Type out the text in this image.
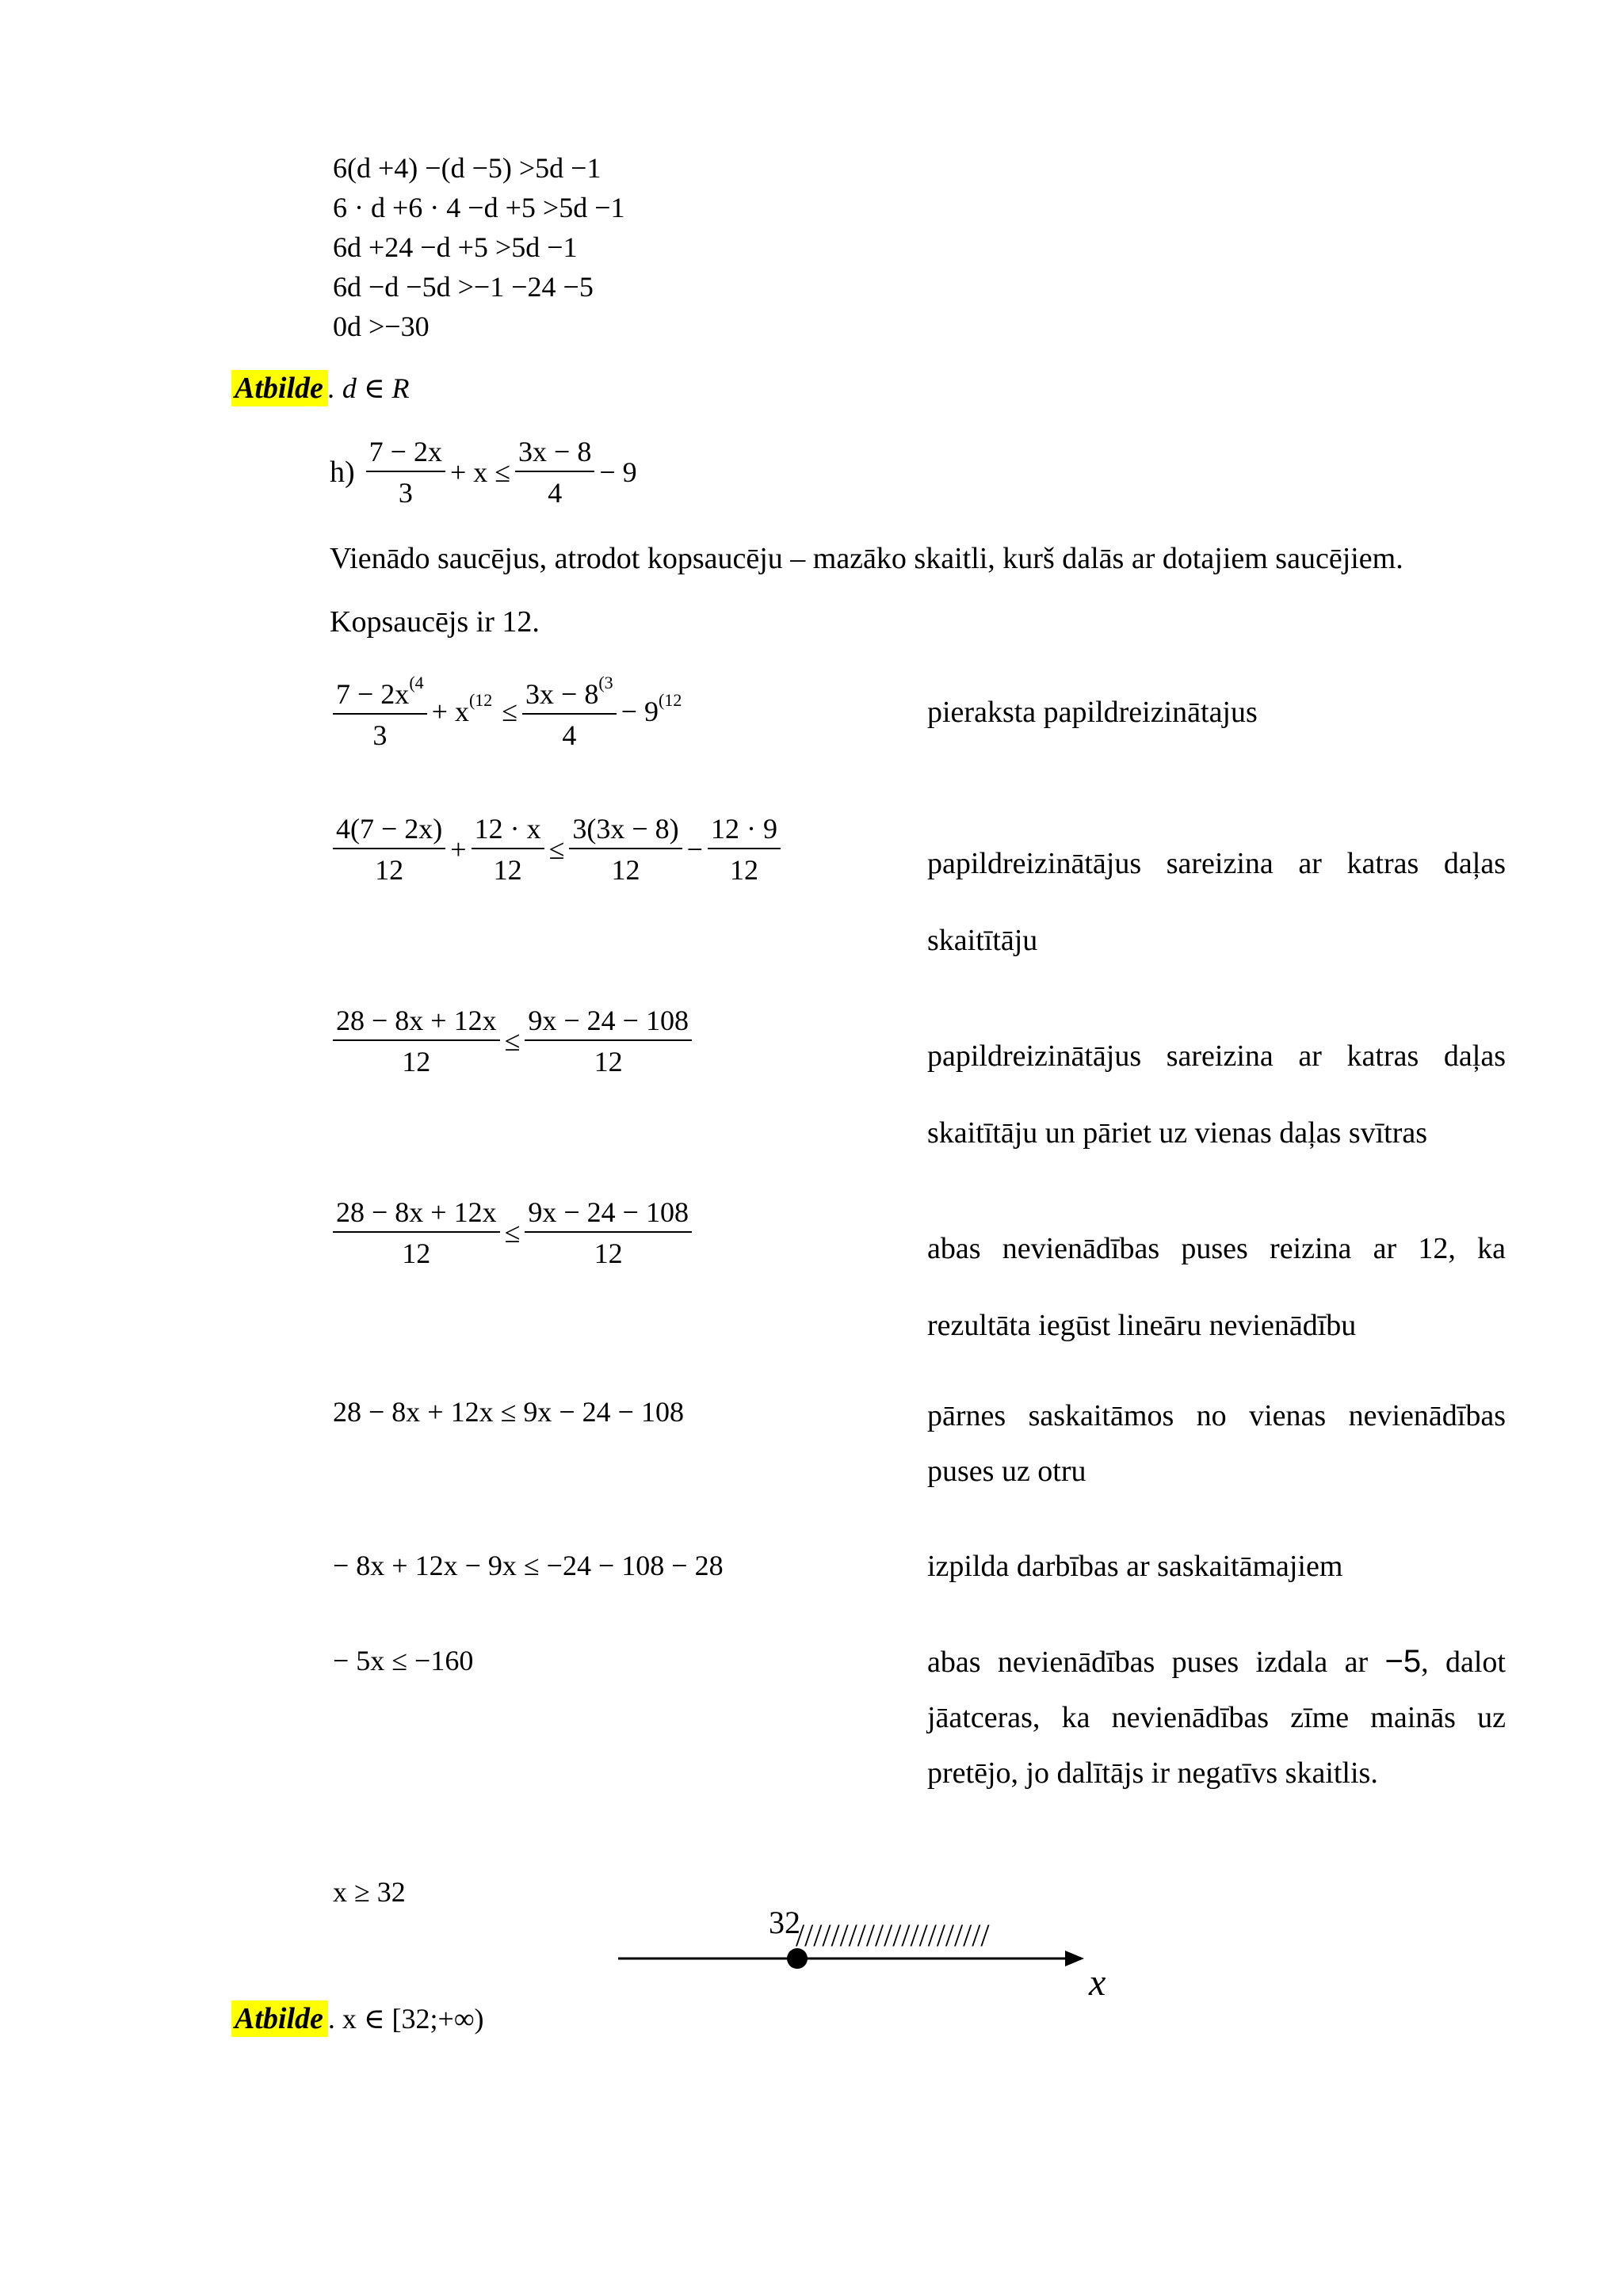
6(d +4) −(d −5) >5d −1
6 · d +6 · 4 −d +5 >5d −1
6d +24 −d +5 >5d −1
6d −d −5d >−1 −24 −5
0d >−30
Atbilde . d ∈ R
$h) \frac{7 - 2x}{3} + x \le \frac{3x - 8}{4} - 9$
Vienādo saucējus, atrodot kopsaucēju – mazāko skaitli, kurš dalās ar dotajiem saucējiem.
Kopsaucējs ir 12.
$\frac{7 - 2x^{(4}}{3} + x^{(12} \le \frac{3x - 8^{(3}}{4} - 9^{(12}$	pieraksta papildreizinātajus
$\frac{4(7 - 2x)}{12} + \frac{12 \cdot x}{12} \le \frac{3(3x - 8)}{12} - \frac{12 \cdot 9}{12}$	papildreizinātājus sareizina ar katras daļas skaitītāju
$\frac{28 - 8x + 12x}{12} \le \frac{9x - 24 - 108}{12}$	papildreizinātājus sareizina ar katras daļas skaitītāju un pāriet uz vienas daļas svītras
$\frac{28 - 8x + 12x}{12} \le \frac{9x - 24 - 108}{12}$	abas nevienādības puses reizina ar 12, ka rezultāta iegūst lineāru nevienādību
28 − 8x + 12x ≤ 9x − 24 − 108	pārnes saskaitāmos no vienas nevienādības puses uz otru
− 8x + 12x − 9x ≤ −24 − 108 − 28	izpilda darbības ar saskaitāmajiem
− 5x ≤ −160	abas nevienādības puses izdala ar −5, dalot jāatceras, ka nevienādības zīme mainās uz pretējo, jo dalītājs ir negatīvs skaitlis.
x ≥ 32
32
//////////////////////
x
Atbilde . x ∈ [32;+∞)
